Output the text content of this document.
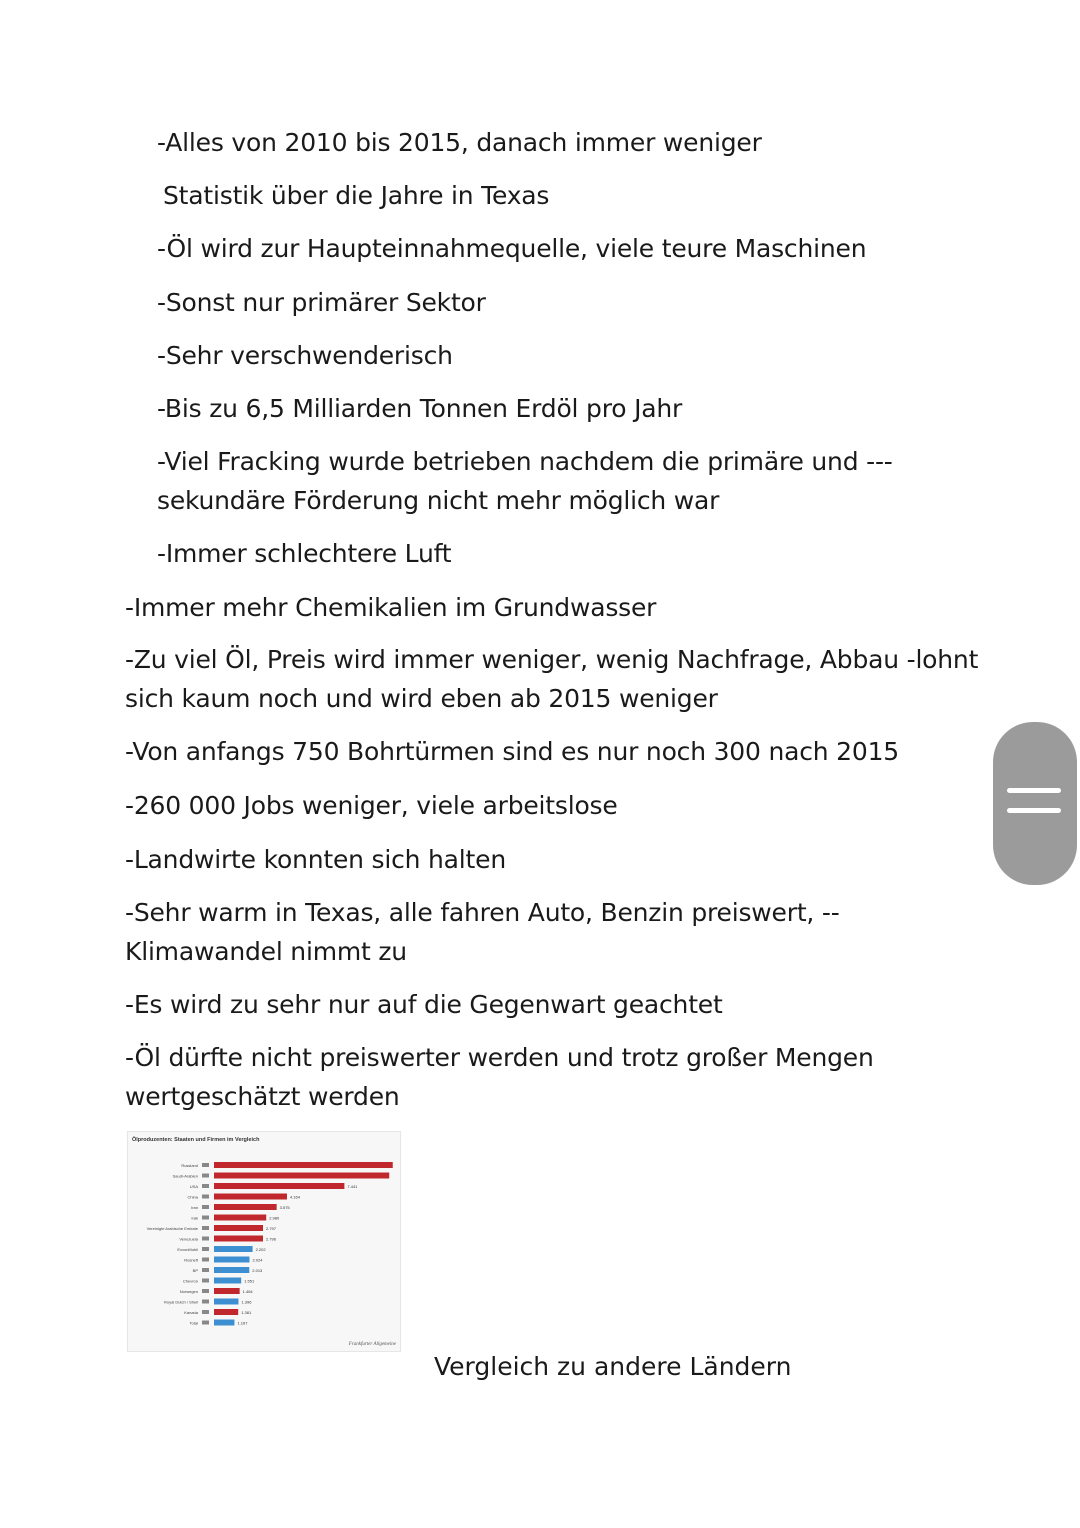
-Alles von 2010 bis 2015, danach immer weniger

Statistik über die Jahre in Texas

-Öl wird zur Haupteinnahmequelle, viele teure Maschinen

-Sonst nur primärer Sektor

-Sehr verschwenderisch

-Bis zu 6,5 Milliarden Tonnen Erdöl pro Jahr

-Viel Fracking wurde betrieben nachdem die primäre und ---

sekundäre Förderung nicht mehr möglich war

-Immer schlechtere Luft

-Immer mehr Chemikalien im Grundwasser

-Zu viel Öl, Preis wird immer weniger, wenig Nachfrage, Abbau -lohnt

sich kaum noch und wird eben ab 2015 weniger

-Von anfangs 750 Bohrtürmen sind es nur noch 300 nach 2015

-260 000 Jobs weniger, viele arbeitslose

-Landwirte konnten sich halten

-Sehr warm in Texas, alle fahren Auto, Benzin preiswert, --

Klimawandel nimmt zu

-Es wird zu sehr nur auf die Gegenwart geachtet

-Öl dürfte nicht preiswerter werden und trotz großer Mengen

wertgeschätzt werden

Ölproduzenten: Staaten und Firmen im Vergleich
Russland
Saudi-Arabien
USA	7.441
China	4.164
Iran	3.575
Irak	2.980
Vereinigte Arabische Emirate	2.797
Venezuela	2.796
ExxonMobil	2.202
Rosneft	2.024
BP	2.013
Chevron	1.551
Norwegen	1.464
Royal Dutch / Shell	1.396
Kanada	1.381
Total	1.167
Frankfurter Allgemeine

Vergleich zu andere Ländern
